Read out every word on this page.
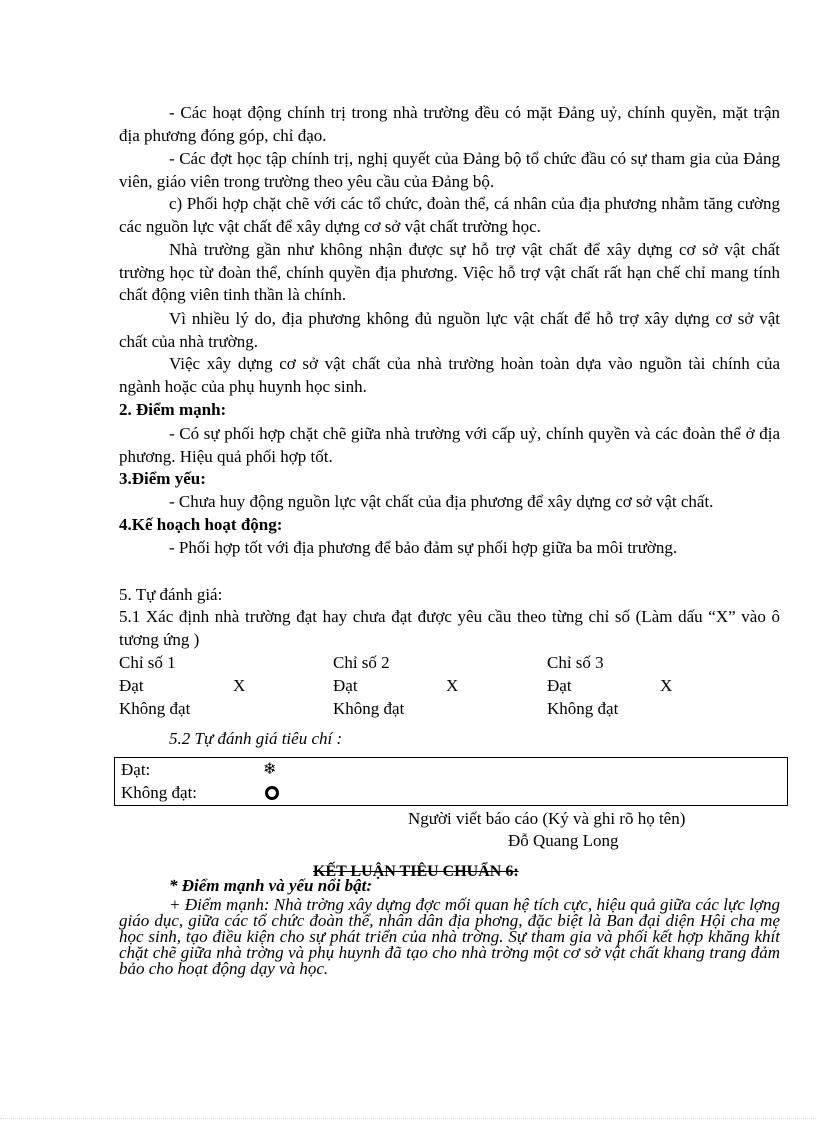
- Các hoạt động chính trị trong nhà trường đều có mặt Đảng uỷ, chính quyền, mặt trận địa phương đóng góp, chỉ đạo.

- Các đợt học tập chính trị, nghị quyết của Đảng bộ tổ chức đầu có sự tham gia của Đảng viên, giáo viên trong trường theo yêu cầu của Đảng bộ.

c) Phối hợp chặt chẽ với các tổ chức, đoàn thể, cá nhân của địa phương nhằm tăng cường các nguồn lực vật chất để xây dựng cơ sở vật chất trường học.

Nhà trường gần như không nhận được sự hỗ trợ vật chất để xây dựng cơ sở vật chất trường học từ đoàn thể, chính quyền địa phương. Việc hỗ trợ vật chất rất hạn chế chỉ mang tính chất động viên tinh thần là chính.

Vì nhiều lý do, địa phương không đủ nguồn lực vật chất để hỗ trợ xây dựng cơ sở vật chất của nhà trường.

Việc xây dựng cơ sở vật chất của nhà trường hoàn toàn dựa vào nguồn tài chính của ngành hoặc của phụ huynh học sinh.

2. Điểm mạnh:

- Có sự phối hợp chặt chẽ giữa nhà trường với cấp uỷ, chính quyền và các đoàn thể ở địa phương. Hiệu quả phối hợp tốt.

3.Điểm yếu:

- Chưa huy động nguồn lực vật chất của địa phương để xây dựng cơ sở vật chất.

4.Kế hoạch hoạt động:

- Phối hợp tốt với địa phương để bảo đảm sự phối hợp giữa ba môi trường.

5. Tự đánh giá:

5.1 Xác định nhà trường đạt hay chưa đạt được yêu cầu theo từng chỉ số (Làm dấu “X” vào ô tương ứng )

Chỉ số 1	Chỉ số 2	Chỉ số 3
Đạt	X	Đạt	X	Đạt	X
Không đạt	Không đạt	Không đạt
5.2 Tự đánh giá tiêu chí :
Đạt:	❄
Không đạt:
Người viết báo cáo (Ký và ghi rõ họ tên)
Đỗ Quang Long
KẾT LUẬN TIÊU CHUẨN 6:
* Điểm mạnh và yếu nổi bật:

+ Điểm mạnh: Nhà trờng xây dựng đợc mối quan hệ tích cực, hiệu quả giữa các lực lợng giáo dục, giữa các tổ chức đoàn thể, nhân dân địa phơng, đặc biệt là Ban đại diện Hội cha mẹ học sinh, tạo điều kiện cho sự phát triển của nhà trờng. Sự tham gia và phối kết hợp khăng khít chặt chẽ giữa nhà trờng và phụ huynh đã tạo cho nhà trờng một cơ sở vật chất khang trang đảm bảo cho hoạt động dạy và học.
